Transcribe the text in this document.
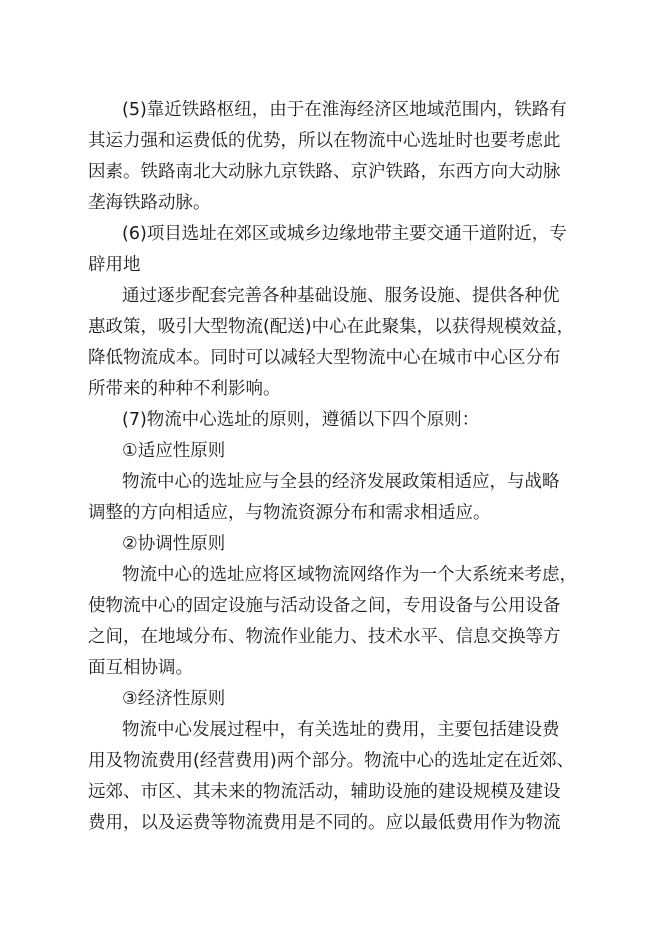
(5)靠近铁路枢纽，由于在淮海经济区地域范围内，铁路有
其运力强和运费低的优势，所以在物流中心选址时也要考虑此
因素。铁路南北大动脉九京铁路、京沪铁路，东西方向大动脉
垄海铁路动脉。
(6)项目选址在郊区或城乡边缘地带主要交通干道附近，专
辟用地
通过逐步配套完善各种基础设施、服务设施、提供各种优
惠政策，吸引大型物流(配送)中心在此聚集，以获得规模效益，
降低物流成本。同时可以减轻大型物流中心在城市中心区分布
所带来的种种不利影响。
(7)物流中心选址的原则，遵循以下四个原则：
①适应性原则
物流中心的选址应与全县的经济发展政策相适应，与战略
调整的方向相适应，与物流资源分布和需求相适应。
②协调性原则
物流中心的选址应将区域物流网络作为一个大系统来考虑，
使物流中心的固定设施与活动设备之间，专用设备与公用设备
之间，在地域分布、物流作业能力、技术水平、信息交换等方
面互相协调。
③经济性原则
物流中心发展过程中，有关选址的费用，主要包括建设费
用及物流费用(经营费用)两个部分。物流中心的选址定在近郊、
远郊、市区、其未来的物流活动，辅助设施的建设规模及建设
费用，以及运费等物流费用是不同的。应以最低费用作为物流
